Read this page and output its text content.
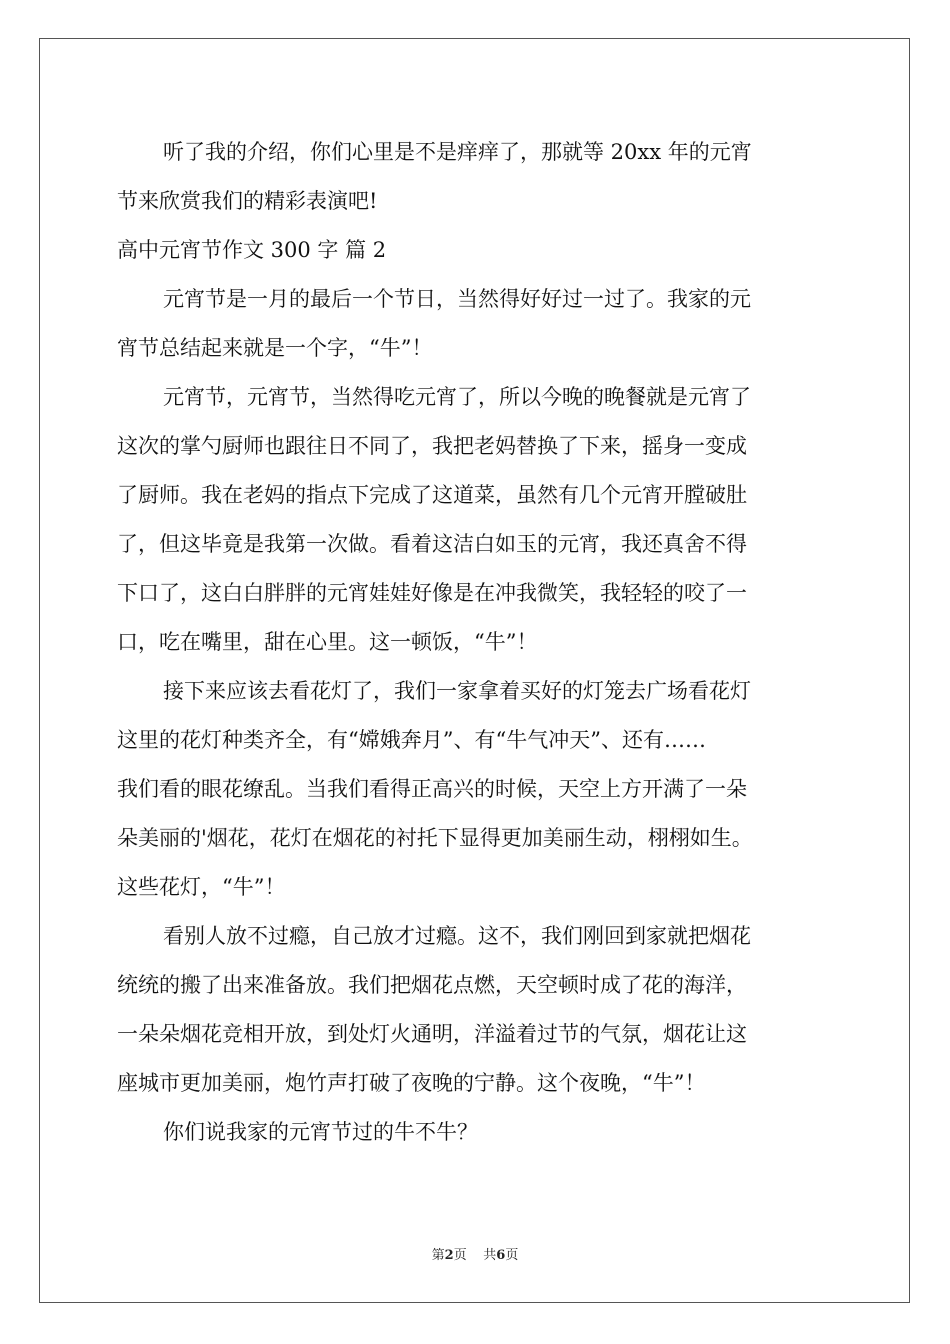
听了我的介绍，你们心里是不是痒痒了，那就等 20xx 年的元宵
节来欣赏我们的精彩表演吧!
高中元宵节作文 300 字 篇 2
元宵节是一月的最后一个节日，当然得好好过一过了。我家的元
宵节总结起来就是一个字，“牛”！
元宵节，元宵节，当然得吃元宵了，所以今晚的晚餐就是元宵了
这次的掌勺厨师也跟往日不同了，我把老妈替换了下来，摇身一变成
了厨师。我在老妈的指点下完成了这道菜，虽然有几个元宵开膛破肚
了，但这毕竟是我第一次做。看着这洁白如玉的元宵，我还真舍不得
下口了，这白白胖胖的元宵娃娃好像是在冲我微笑，我轻轻的咬了一
口，吃在嘴里，甜在心里。这一顿饭，“牛”！
接下来应该去看花灯了，我们一家拿着买好的灯笼去广场看花灯
这里的花灯种类齐全，有“嫦娥奔月”、有“牛气冲天”、还有……
我们看的眼花缭乱。当我们看得正高兴的时候，天空上方开满了一朵
朵美丽的'烟花，花灯在烟花的衬托下显得更加美丽生动，栩栩如生。
这些花灯，“牛”！
看别人放不过瘾，自己放才过瘾。这不，我们刚回到家就把烟花
统统的搬了出来准备放。我们把烟花点燃，天空顿时成了花的海洋，
一朵朵烟花竞相开放，到处灯火通明，洋溢着过节的气氛，烟花让这
座城市更加美丽，炮竹声打破了夜晚的宁静。这个夜晚，“牛”！
你们说我家的元宵节过的牛不牛？
第2页 共6页
